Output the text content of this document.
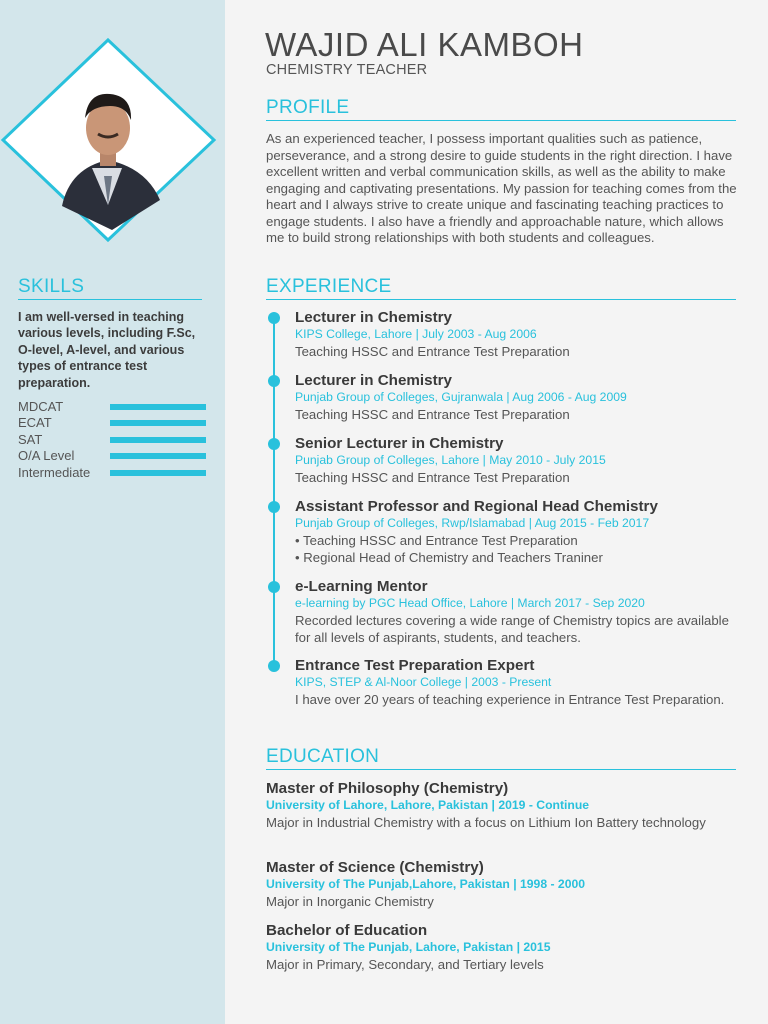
SKILLS
I am well-versed in teaching various levels, including F.Sc, O-level, A-level, and various types of entrance test preparation.
MDCAT
ECAT
SAT
O/A Level
Intermediate
WAJID ALI KAMBOH
CHEMISTRY TEACHER
PROFILE
As an experienced teacher, I possess important qualities such as patience, perseverance, and a strong desire to guide students in the right direction. I have excellent written and verbal communication skills, as well as the ability to make engaging and captivating presentations. My passion for teaching comes from the heart and I always strive to create unique and fascinating teaching practices to engage students. I also have a friendly and approachable nature, which allows me to build strong relationships with both students and colleagues.
EXPERIENCE
Lecturer in Chemistry
KIPS College, Lahore | July 2003 - Aug 2006
Teaching HSSC and Entrance Test Preparation
Lecturer in Chemistry
Punjab Group of Colleges, Gujranwala | Aug 2006 - Aug 2009
Teaching HSSC and Entrance Test Preparation
Senior Lecturer in Chemistry
Punjab Group of Colleges, Lahore | May 2010 - July 2015
Teaching HSSC and Entrance Test Preparation
Assistant Professor and Regional Head Chemistry
Punjab Group of Colleges, Rwp/Islamabad | Aug 2015 - Feb 2017
• Teaching HSSC and Entrance Test Preparation
• Regional Head of Chemistry and Teachers Traniner
e-Learning Mentor
e-learning by PGC Head Office, Lahore | March 2017 - Sep 2020
Recorded lectures covering a wide range of Chemistry topics are available for all levels of aspirants, students, and teachers.
Entrance Test Preparation Expert
KIPS, STEP & Al-Noor College | 2003 - Present
I have over 20 years of teaching experience in Entrance Test Preparation.
EDUCATION
Master of Philosophy (Chemistry)
University of Lahore, Lahore, Pakistan | 2019 - Continue
Major in Industrial Chemistry with a focus on Lithium Ion Battery technology
Master of Science (Chemistry)
University of The Punjab,Lahore, Pakistan | 1998 - 2000
Major in Inorganic Chemistry
Bachelor of Education
University of The Punjab, Lahore, Pakistan | 2015
Major in Primary, Secondary, and Tertiary levels
